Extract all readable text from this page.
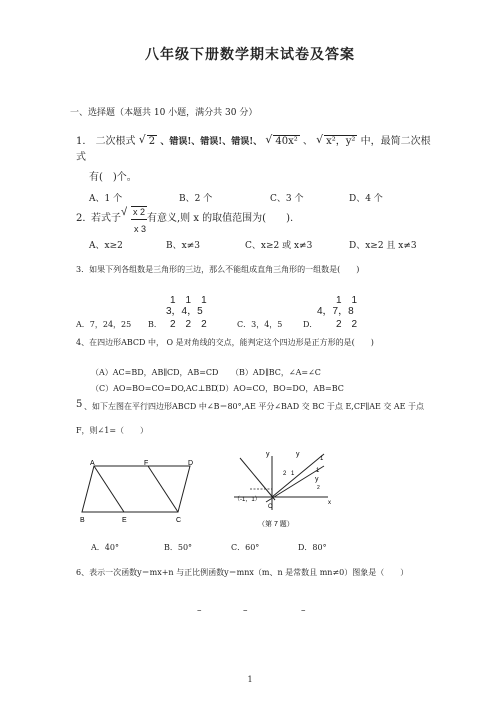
八年级下册数学期末试卷及答案
一、选择题（本题共 10 小题，满分共 30 分）
1． 二次根式 √ 2 、错误!、错误!、错误!、 √ 40x² 、 √ x²，y² 中，最简二次根
式
有(　)个。
A、1 个	B、2 个	C、3 个	D、4 个
2．
若式子
√ x 2
x 3
有意义,则 x 的取值范围为(　　).
A、x≥2	B、x≠3	C、x≥2 或 x≠3	D、x≥2 且 x≠3
3．如果下列各组数是三角形的三边，那么不能组成直角三角形的一组数是(　　)
1　1　1
3，4，5
2　2　2
1　1
4，7，8
2　2
A．7，24，25 B．	C．3，4，5	D．
4、在四边形ABCD 中， O 是对角线的交点，能判定这个四边形是正方形的是(　　)
（A）AC=BD，AB∥CD，AB=CD （B）AD∥BC，∠A=∠C
（C）AO=BO=CO=DO,AC⊥BD
（D）AO=CO，BO=DO，AB=BC
5 、如下左图在平行四边形ABCD 中∠B＝80°,AE 平分∠BAD 交 BC 于点 E,CF∥AE 交 AE 于点
F，则∠1=（　　）
A	F	D
B	E	C
y	y
1
2 1	1
y
2
（-1，1）
O
x
（第 7 题）
A．40°	B．50°	C．60°	D．80°
6、表示一次函数y＝mx+n 与正比例函数y＝mnx（m、n 是常数且 mn≠0）图象是（　　）
–	–	–
1
